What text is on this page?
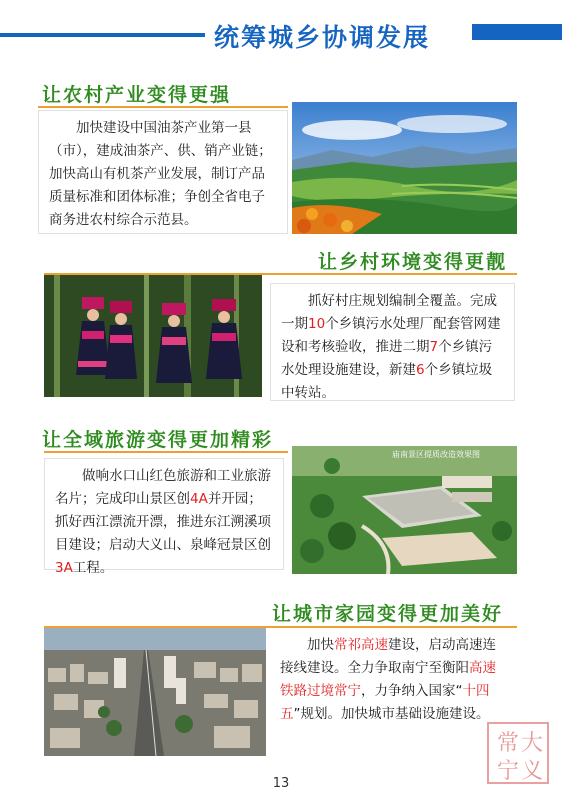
统筹城乡协调发展
让农村产业变得更强
加快建设中国油茶产业第一县（市），建成油茶产、供、销产业链；加快高山有机茶产业发展，制订产品质量标准和团体标准；争创全省电子商务进农村综合示范县。
让乡村环境变得更靓
抓好村庄规划编制全覆盖。完成一期10个乡镇污水处理厂配套管网建设和考核验收，推进二期7个乡镇污水处理设施建设，新建6个乡镇垃圾中转站。
让全域旅游变得更加精彩
做响水口山红色旅游和工业旅游名片；完成印山景区创4A并开园；抓好西江漂流开漂，推进东江溯溪项目建设；启动大义山、泉峰冠景区创3A工程。
庙南景区提质改造效果图
让城市家园变得更加美好
加快常祁高速建设，启动高速连接线建设。全力争取南宁至衡阳高速铁路过境常宁，力争纳入国家“十四五”规划。加快城市基础设施建设。
常 大
宁 义
13
